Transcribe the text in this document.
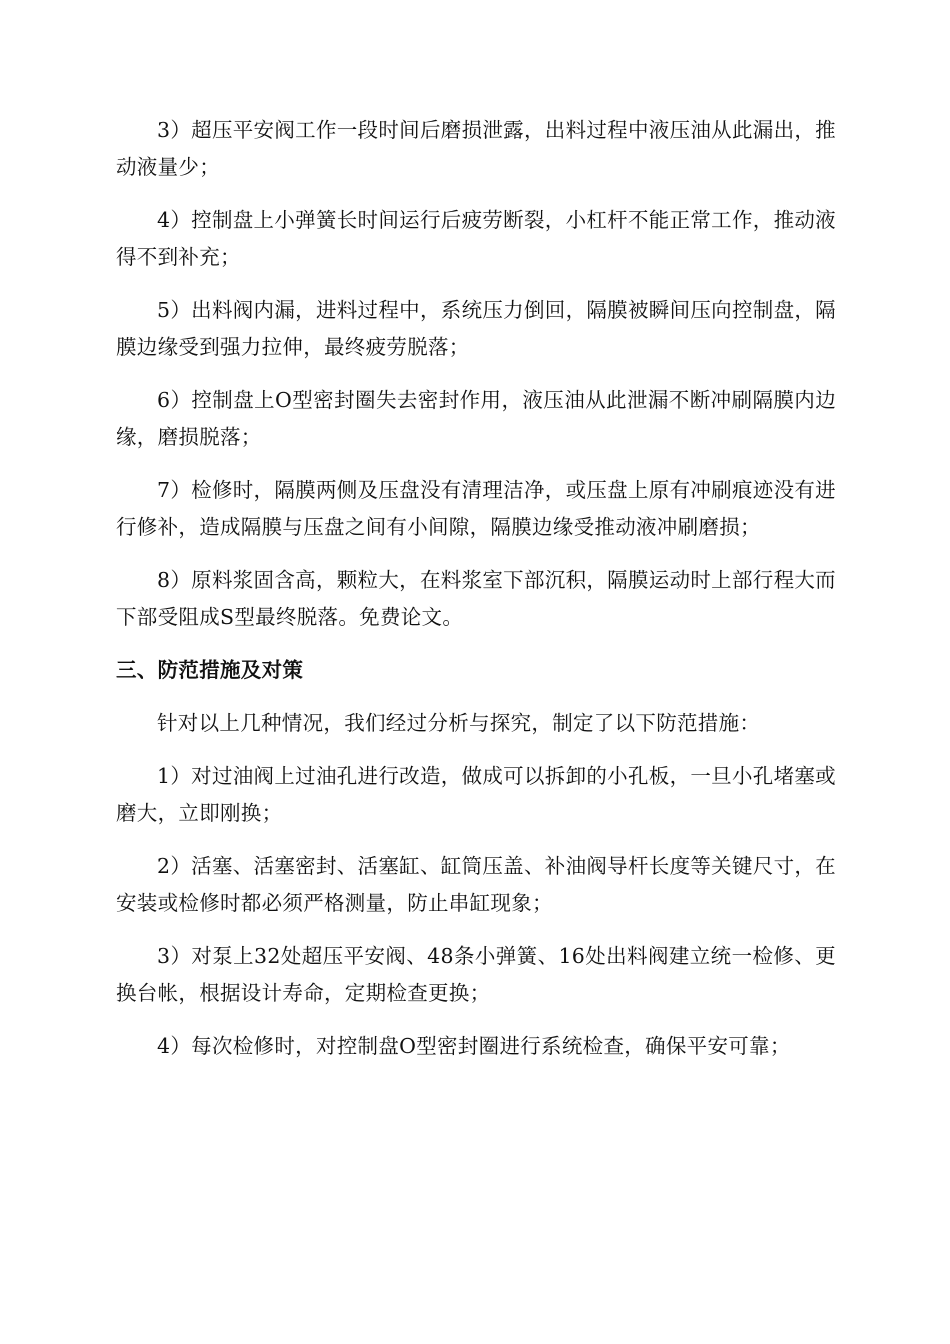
3）超压平安阀工作一段时间后磨损泄露，出料过程中液压油从此漏出，推动液量少；

4）控制盘上小弹簧长时间运行后疲劳断裂，小杠杆不能正常工作，推动液得不到补充；

5）出料阀内漏，进料过程中，系统压力倒回，隔膜被瞬间压向控制盘，隔膜边缘受到强力拉伸，最终疲劳脱落；

6）控制盘上O型密封圈失去密封作用，液压油从此泄漏不断冲刷隔膜内边缘，磨损脱落；

7）检修时，隔膜两侧及压盘没有清理洁净，或压盘上原有冲刷痕迹没有进行修补，造成隔膜与压盘之间有小间隙，隔膜边缘受推动液冲刷磨损；

8）原料浆固含高，颗粒大，在料浆室下部沉积，隔膜运动时上部行程大而下部受阻成S型最终脱落。免费论文。

三、防范措施及对策

针对以上几种情况，我们经过分析与探究，制定了以下防范措施：

1）对过油阀上过油孔进行改造，做成可以拆卸的小孔板，一旦小孔堵塞或磨大，立即刚换；

2）活塞、活塞密封、活塞缸、缸筒压盖、补油阀导杆长度等关键尺寸，在安装或检修时都必须严格测量，防止串缸现象；

3）对泵上32处超压平安阀、48条小弹簧、16处出料阀建立统一检修、更换台帐，根据设计寿命，定期检查更换；

4）每次检修时，对控制盘O型密封圈进行系统检查，确保平安可靠；
